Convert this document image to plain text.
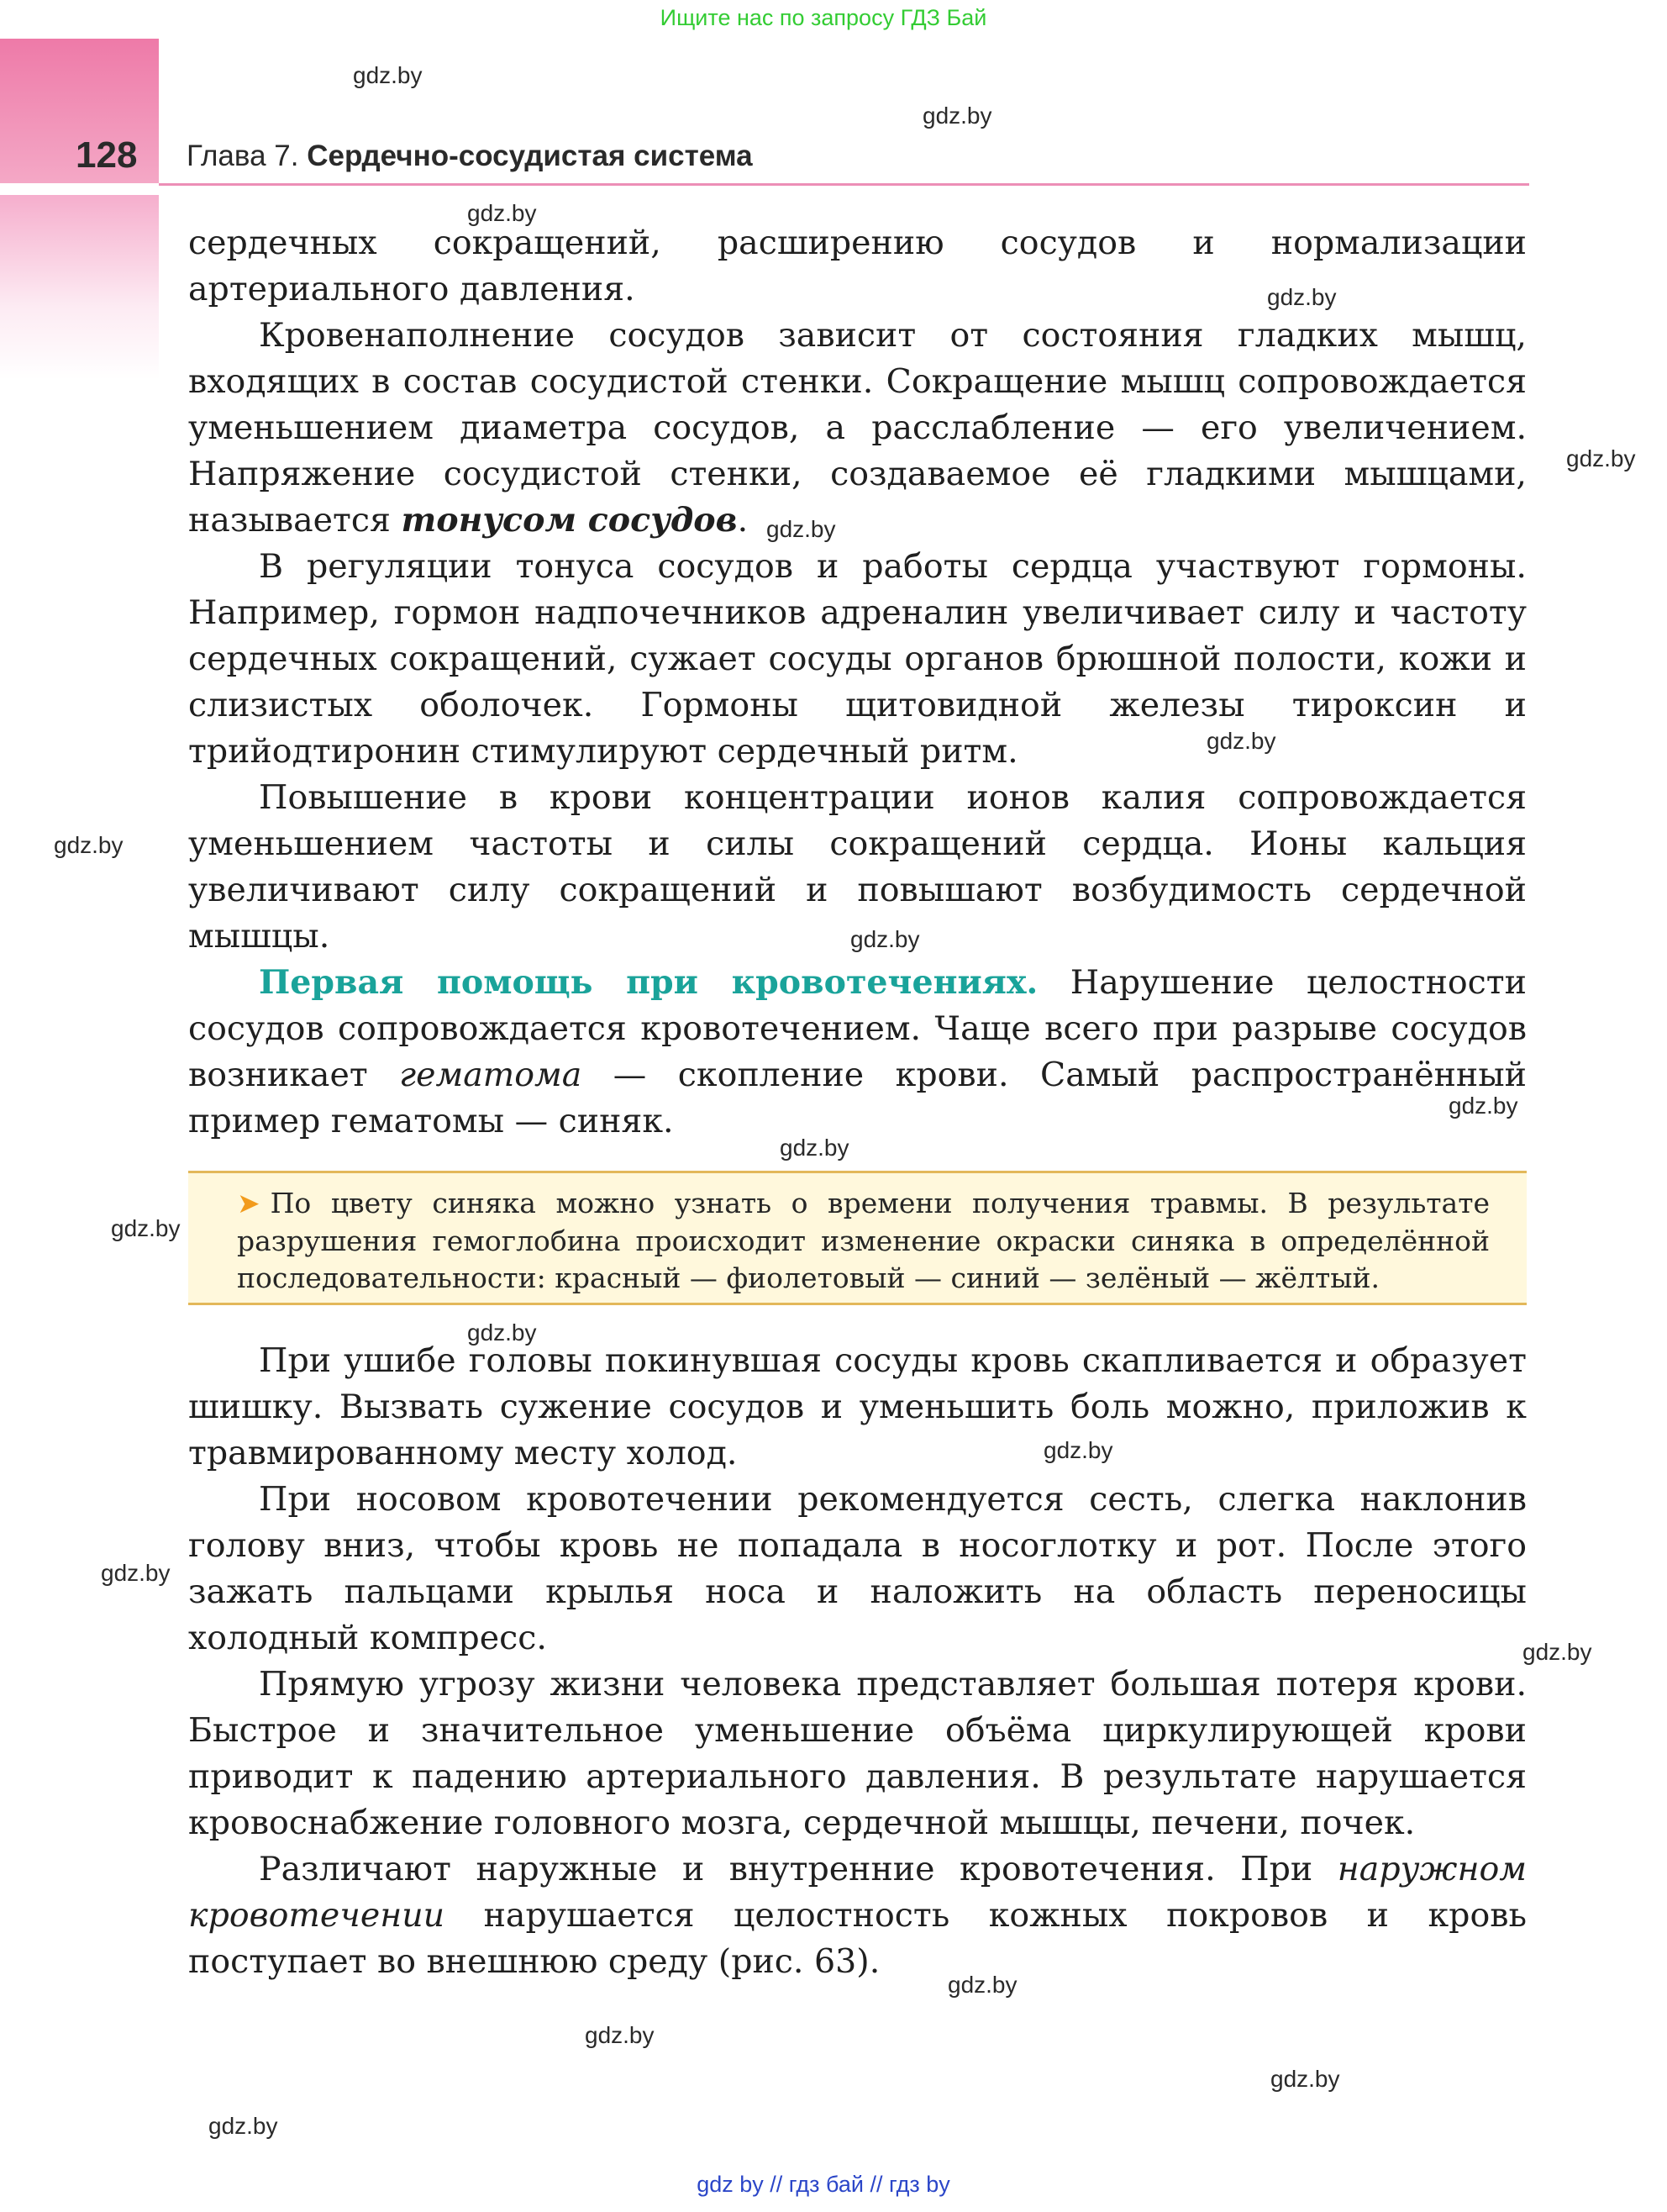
Ищите нас по запросу ГДЗ Бай
128 Глава 7. Сердечно-сосудистая система

сердечных сокращений, расширению сосудов и нормализации артериального давления.

Кровенаполнение сосудов зависит от состояния гладких мышц, входящих в состав сосудистой стенки. Сокращение мышц сопровождается уменьшением диаметра сосудов, а расслабление — его увеличением. Напряжение сосудистой стенки, создаваемое её гладкими мышцами, называется тонусом сосудов.

В регуляции тонуса сосудов и работы сердца участвуют гормоны. Например, гормон надпочечников адреналин увеличивает силу и частоту сердечных сокращений, сужает сосуды органов брюшной полости, кожи и слизистых оболочек. Гормоны щитовидной железы тироксин и трийодтиронин стимулируют сердечный ритм.

Повышение в крови концентрации ионов калия сопровождается уменьшением частоты и силы сокращений сердца. Ионы кальция увеличивают силу сокращений и повышают возбудимость сердечной мышцы.

Первая помощь при кровотечениях. Нарушение целостности сосудов сопровождается кровотечением. Чаще всего при разрыве сосудов возникает гематома — скопление крови. Самый распространённый пример гематомы — синяк.

➤ По цвету синяка можно узнать о времени получения травмы. В результате разрушения гемоглобина происходит изменение окраски синяка в определённой последовательности: красный — фиолетовый — синий — зелёный — жёлтый.

При ушибе головы покинувшая сосуды кровь скапливается и образует шишку. Вызвать сужение сосудов и уменьшить боль можно, приложив к травмированному месту холод.

При носовом кровотечении рекомендуется сесть, слегка наклонив голову вниз, чтобы кровь не попадала в носоглотку и рот. После этого зажать пальцами крылья носа и наложить на область переносицы холодный компресс.

Прямую угрозу жизни человека представляет большая потеря крови. Быстрое и значительное уменьшение объёма циркулирующей крови приводит к падению артериального давления. В результате нарушается кровоснабжение головного мозга, сердечной мышцы, печени, почек.

Различают наружные и внутренние кровотечения. При наружном кровотечении нарушается целостность кожных покровов и кровь поступает во внешнюю среду (рис. 63).

gdz.by
gdz.by
gdz.by
gdz.by
gdz.by
gdz.by
gdz.by
gdz.by
gdz.by
gdz.by
gdz.by
gdz.by
gdz.by
gdz.by
gdz.by
gdz.by
gdz.by
gdz.by
gdz.by
gdz.by
gdz by // гдз бай // гдз by
